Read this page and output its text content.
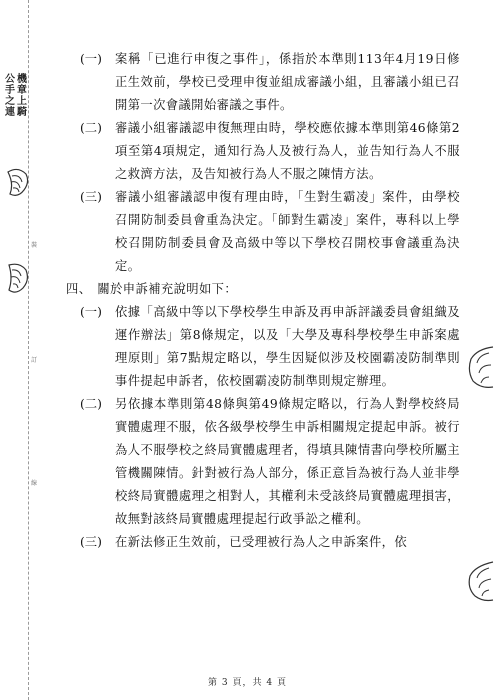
裝
訂
線
公 機
手 章
之 上
連 騎
(一) 案稱「已進行申復之事件」，係指於本準則113年4月19日修正生效前，學校已受理申復並組成審議小組，且審議小組已召開第一次會議開始審議之事件。
(二) 審議小組審議認申復無理由時，學校應依據本準則第46條第2項至第4項規定，通知行為人及被行為人，並告知行為人不服之救濟方法，及告知被行為人不服之陳情方法。
(三) 審議小組審議認申復有理由時，「生對生霸凌」案件，由學校召開防制委員會重為決定。「師對生霸凌」案件，專科以上學校召開防制委員會及高級中等以下學校召開校事會議重為決定。
四、 關於申訴補充說明如下：
(一) 依據「高級中等以下學校學生申訴及再申訴評議委員會組織及運作辦法」第8條規定，以及「大學及專科學校學生申訴案處理原則」第7點規定略以，學生因疑似涉及校園霸凌防制準則事件提起申訴者，依校園霸凌防制準則規定辦理。
(二) 另依據本準則第48條與第49條規定略以，行為人對學校終局實體處理不服，依各級學校學生申訴相關規定提起申訴。被行為人不服學校之終局實體處理者，得填具陳情書向學校所屬主管機關陳情。針對被行為人部分，係正意旨為被行為人並非學校終局實體處理之相對人，其權利未受該終局實體處理損害，故無對該終局實體處理提起行政爭訟之權利。
(三) 在新法修正生效前，已受理被行為人之申訴案件，依
第 3 頁，共 4 頁
